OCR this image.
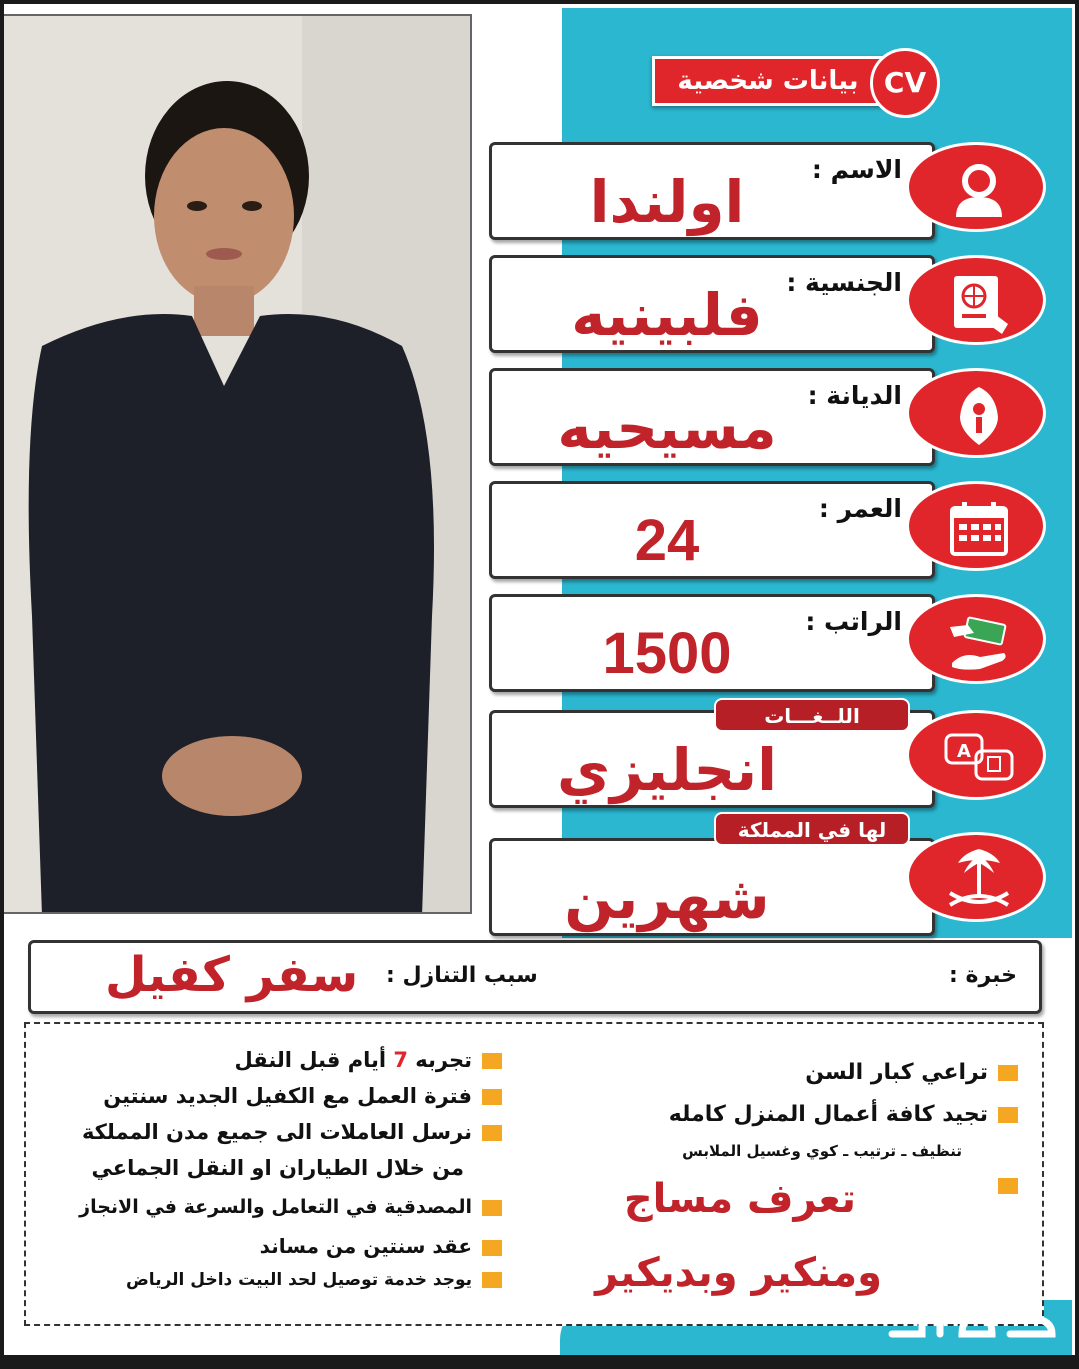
بيانات شخصية CV
الاسم :
اولندا
الجنسية :
فلبينيه
الديانة :
مسيحيه
العمر :
24
الراتب :
1500
انجليزي
اللــغـــات
A
شهرين
لها في المملكة
خبرة :
سبب التنازل :
سفر كفيل
تجربه 7 أيام قبل النقل
فترة العمل مع الكفيل الجديد سنتين
نرسل العاملات الى جميع مدن المملكة
من خلال الطياران او النقل الجماعي
المصدقية في التعامل والسرعة في الانجاز
عقد سنتين من مساند
يوجد خدمة توصيل لحد البيت داخل الرياض
تراعي كبار السن
تجيد كافة أعمال المنزل كامله
تنظيف ـ ترتيب ـ كوي وغسيل الملابس
تعرف مساج
ومنكير وبديكير
